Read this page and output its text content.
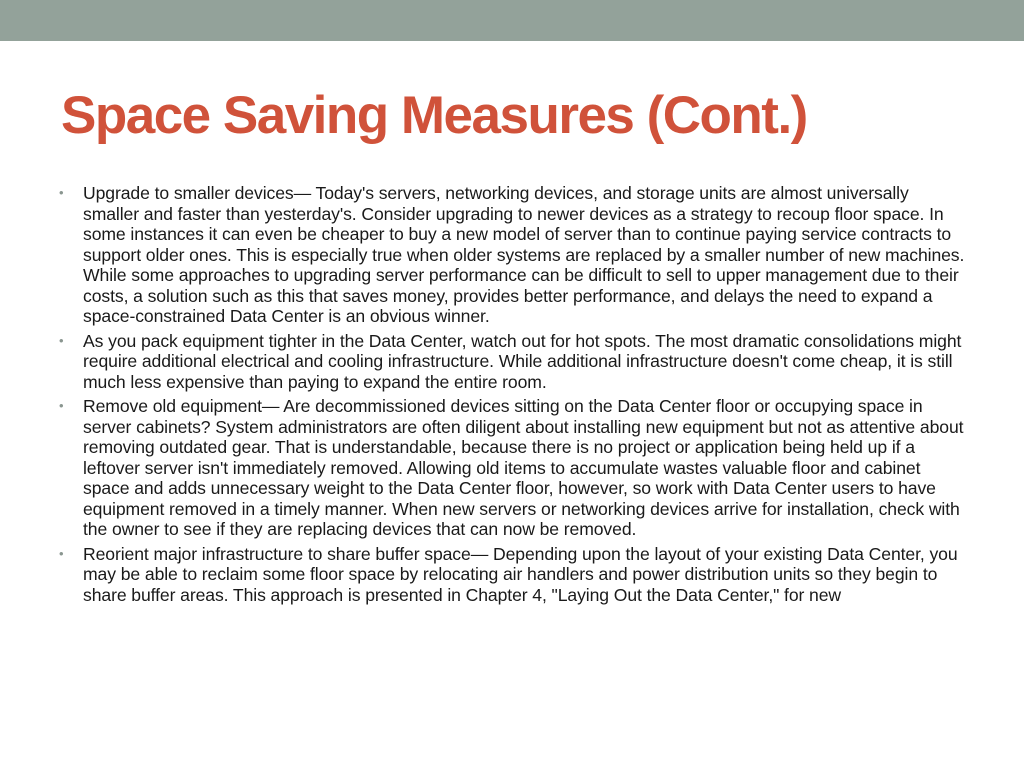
Space Saving Measures (Cont.)
• Upgrade to smaller devices— Today's servers, networking devices, and storage units are almost universally smaller and faster than yesterday's. Consider upgrading to newer devices as a strategy to recoup floor space. In some instances it can even be cheaper to buy a new model of server than to continue paying service contracts to support older ones. This is especially true when older systems are replaced by a smaller number of new machines. While some approaches to upgrading server performance can be difficult to sell to upper management due to their costs, a solution such as this that saves money, provides better performance, and delays the need to expand a space-constrained Data Center is an obvious winner.
• As you pack equipment tighter in the Data Center, watch out for hot spots. The most dramatic consolidations might require additional electrical and cooling infrastructure. While additional infrastructure doesn't come cheap, it is still much less expensive than paying to expand the entire room.
• Remove old equipment— Are decommissioned devices sitting on the Data Center floor or occupying space in server cabinets? System administrators are often diligent about installing new equipment but not as attentive about removing outdated gear. That is understandable, because there is no project or application being held up if a leftover server isn't immediately removed. Allowing old items to accumulate wastes valuable floor and cabinet space and adds unnecessary weight to the Data Center floor, however, so work with Data Center users to have equipment removed in a timely manner. When new servers or networking devices arrive for installation, check with the owner to see if they are replacing devices that can now be removed.
• Reorient major infrastructure to share buffer space— Depending upon the layout of your existing Data Center, you may be able to reclaim some floor space by relocating air handlers and power distribution units so they begin to share buffer areas. This approach is presented in Chapter 4, "Laying Out the Data Center," for new
